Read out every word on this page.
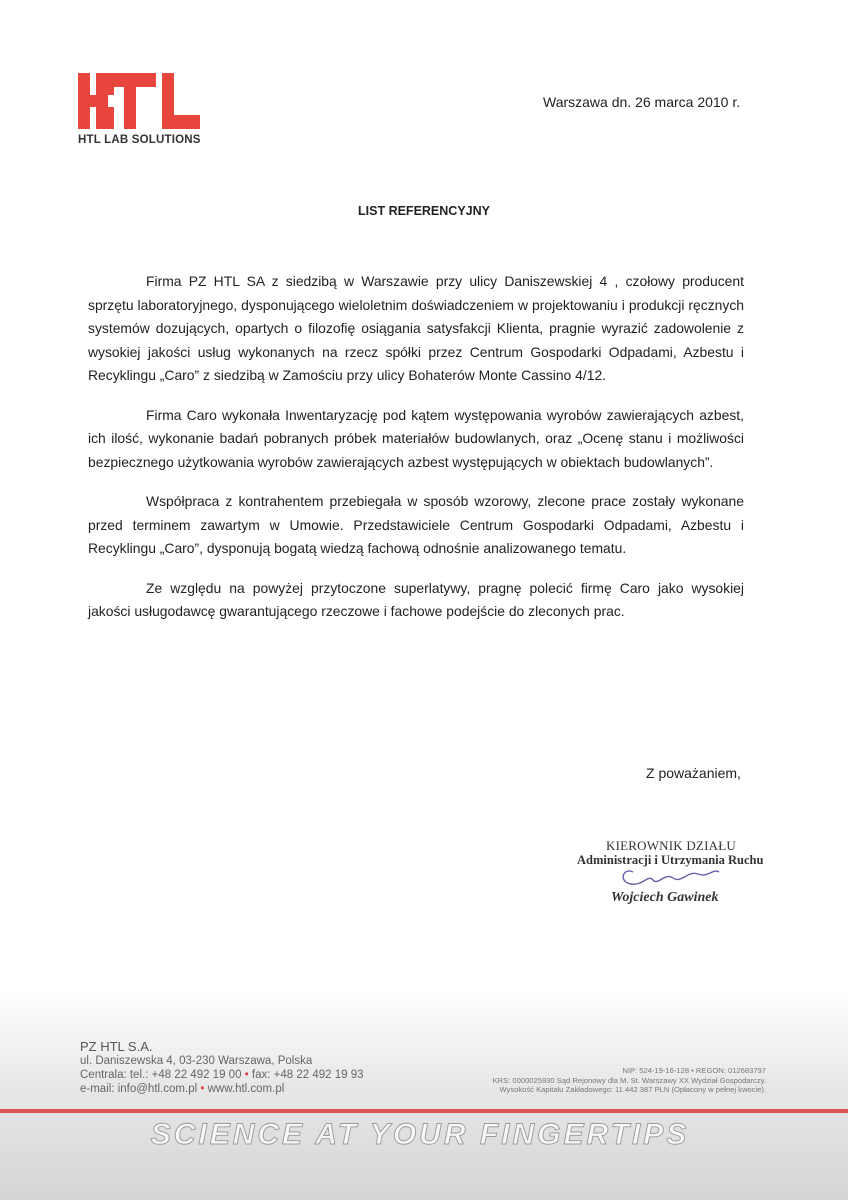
HTL LAB SOLUTIONS
Warszawa dn. 26 marca 2010 r.
LIST REFERENCYJNY

Firma PZ HTL SA z siedzibą w Warszawie przy ulicy Daniszewskiej 4 , czołowy producent sprzętu laboratoryjnego, dysponującego wieloletnim doświadczeniem w projektowaniu i produkcji ręcznych systemów dozujących, opartych o filozofię osiągania satysfakcji Klienta, pragnie wyrazić zadowolenie z wysokiej jakości usług wykonanych na rzecz spółki przez Centrum Gospodarki Odpadami, Azbestu i Recyklingu „Caro” z siedzibą w Zamościu przy ulicy Bohaterów Monte Cassino 4/12.

Firma Caro wykonała Inwentaryzację pod kątem występowania wyrobów zawierających azbest, ich ilość, wykonanie badań pobranych próbek materiałów budowlanych, oraz „Ocenę stanu i możliwości bezpiecznego użytkowania wyrobów zawierających azbest występujących w obiektach budowlanych”.

Współpraca z kontrahentem przebiegała w sposób wzorowy, zlecone prace zostały wykonane przed terminem zawartym w Umowie. Przedstawiciele Centrum Gospodarki Odpadami, Azbestu i Recyklingu „Caro”, dysponują bogatą wiedzą fachową odnośnie analizowanego tematu.

Ze względu na powyżej przytoczone superlatywy, pragnę polecić firmę Caro jako wysokiej jakości usługodawcę gwarantującego rzeczowe i fachowe podejście do zleconych prac.

Z poważaniem,
KIEROWNIK DZIAŁU
Administracji i Utrzymania Ruchu
Wojciech Gawinek
PZ HTL S.A.
ul. Daniszewska 4, 03-230 Warszawa, Polska
Centrala: tel.: +48 22 492 19 00 • fax: +48 22 492 19 93
e-mail: info@htl.com.pl • www.htl.com.pl
NIP: 524-19-16-128 • REGON: 012683797
KRS: 0000025930 Sąd Rejonowy dla M. St. Warszawy XX Wydział Gospodarczy.
Wysokość Kapitału Zakładowego: 11 442 387 PLN (Opłacony w pełnej kwocie).
SCIENCE AT YOUR FINGERTIPS
